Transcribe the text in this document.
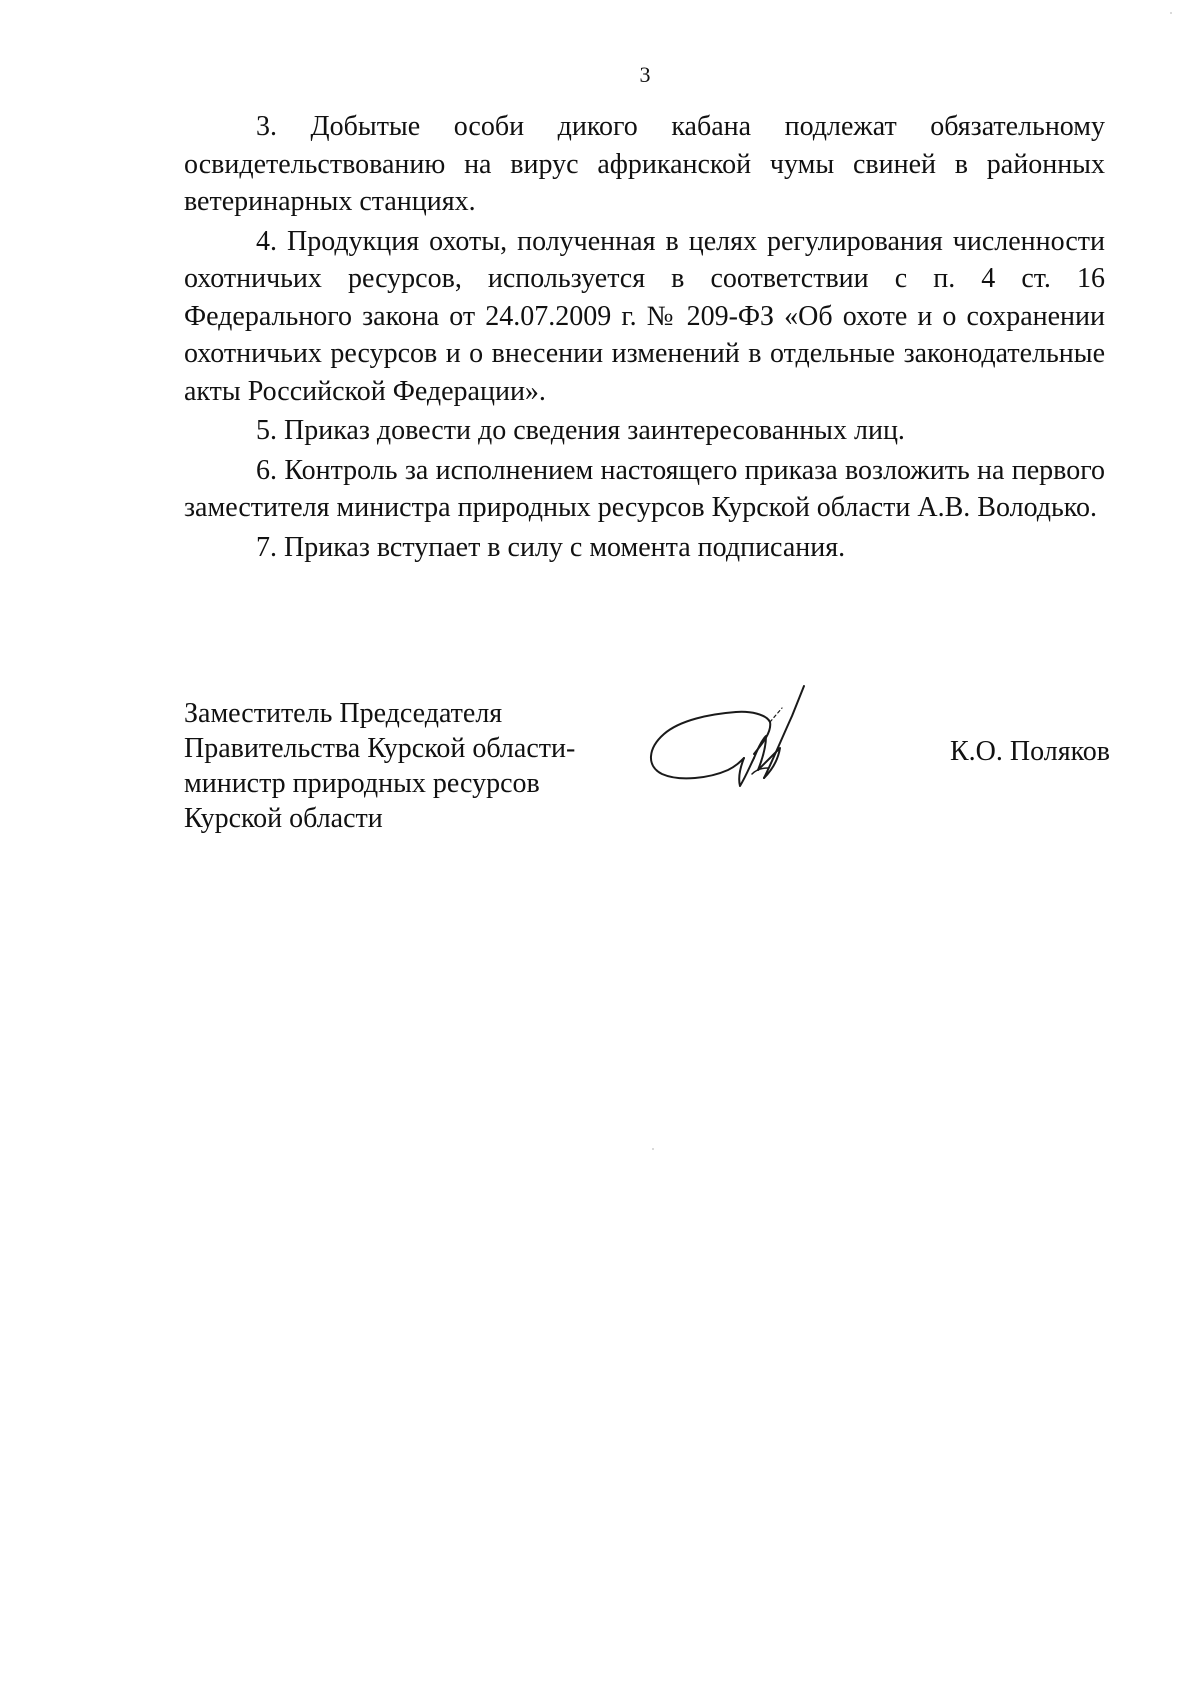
3

3. Добытые особи дикого кабана подлежат обязательному освидетельствованию на вирус африканской чумы свиней в районных ветеринарных станциях.

4. Продукция охоты, полученная в целях регулирования численности охотничьих ресурсов, используется в соответствии с п. 4 ст. 16 Федерального закона от 24.07.2009 г. № 209-ФЗ «Об охоте и о сохранении охотничьих ресурсов и о внесении изменений в отдельные законодательные акты Российской Федерации».

5. Приказ довести до сведения заинтересованных лиц.

6. Контроль за исполнением настоящего приказа возложить на первого заместителя министра природных ресурсов Курской области А.В. Володько.

7. Приказ вступает в силу с момента подписания.

Заместитель Председателя
Правительства Курской области-
министр природных ресурсов
Курской области
К.О. Поляков
